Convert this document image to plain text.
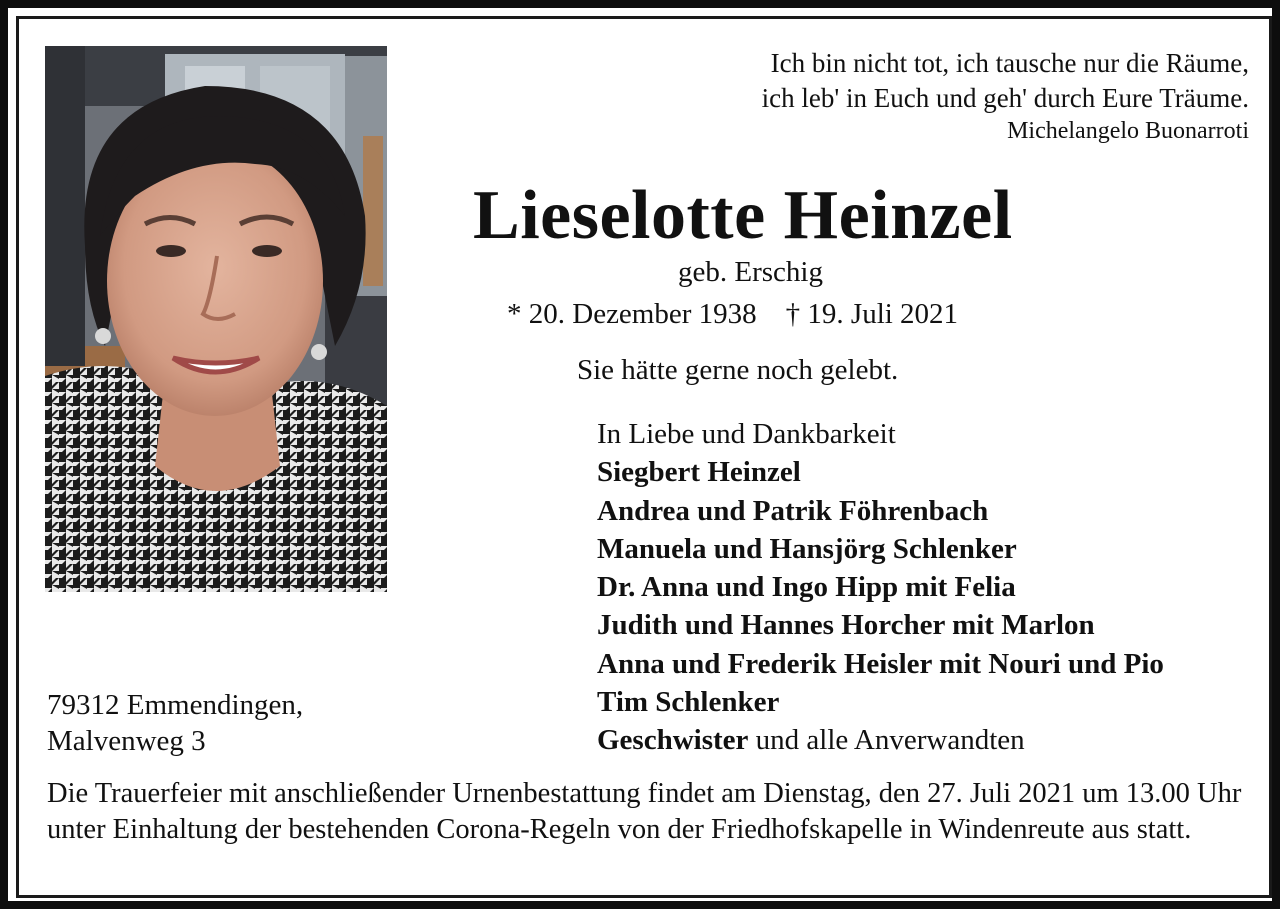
Ich bin nicht tot, ich tausche nur die Räume,
ich leb' in Euch und geh' durch Eure Träume.
Michelangelo Buonarroti
Lieselotte Heinzel
geb. Erschig
* 20. Dezember 1938 † 19. Juli 2021
Sie hätte gerne noch gelebt.
In Liebe und Dankbarkeit
Siegbert Heinzel
Andrea und Patrik Föhrenbach
Manuela und Hansjörg Schlenker
Dr. Anna und Ingo Hipp mit Felia
Judith und Hannes Horcher mit Marlon
Anna und Frederik Heisler mit Nouri und Pio
Tim Schlenker
Geschwister und alle Anverwandten
79312 Emmendingen,
Malvenweg 3
Die Trauerfeier mit anschließender Urnenbestattung findet am Dienstag, den 27. Juli 2021 um 13.00 Uhr unter Einhaltung der bestehenden Corona-Regeln von der Friedhofskapelle in Windenreute aus statt.
